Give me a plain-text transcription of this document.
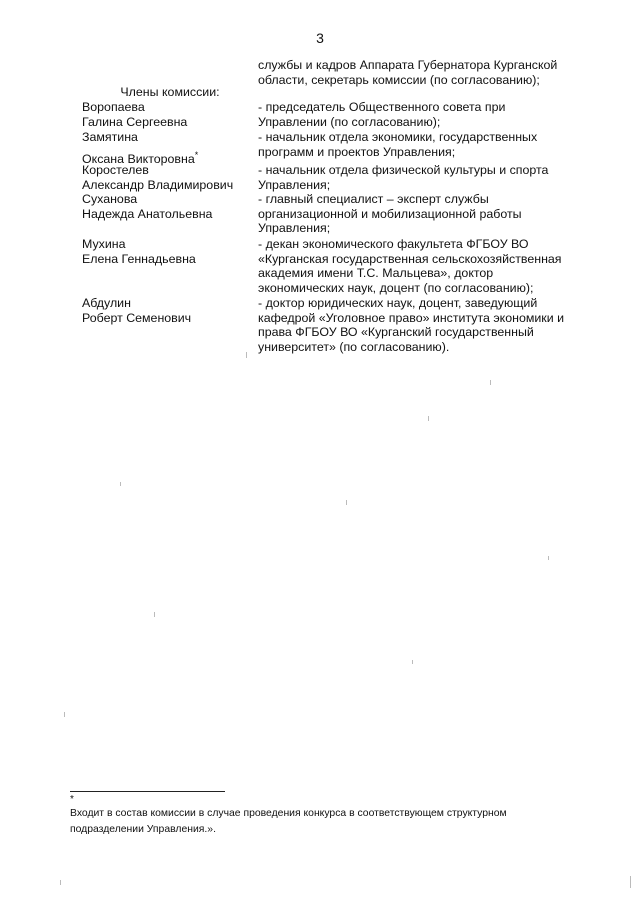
3
службы и кадров Аппарата Губернатора Курганской
области, секретарь комиссии (по согласованию);
Члены комиссии:
Воропаева
Галина Сергеевна
- председатель Общественного совета при
Управлении (по согласованию);
Замятина
Оксана Викторовна*
- начальник отдела экономики, государственных
программ и проектов Управления;
Коростелев
Александр Владимирович
- начальник отдела физической культуры и спорта
Управления;
Суханова
Надежда Анатольевна
- главный специалист – эксперт службы
организационной и мобилизационной работы
Управления;
Мухина
Елена Геннадьевна
- декан экономического факультета ФГБОУ ВО
«Курганская государственная сельскохозяйственная
академия имени Т.С. Мальцева», доктор
экономических наук, доцент (по согласованию);
Абдулин
Роберт Семенович
- доктор юридических наук, доцент, заведующий
кафедрой «Уголовное право» института экономики и
права ФГБОУ ВО «Курганский государственный
университет» (по согласованию).
*
Входит в состав комиссии в случае проведения конкурса в соответствующем структурном
подразделении Управления.».
